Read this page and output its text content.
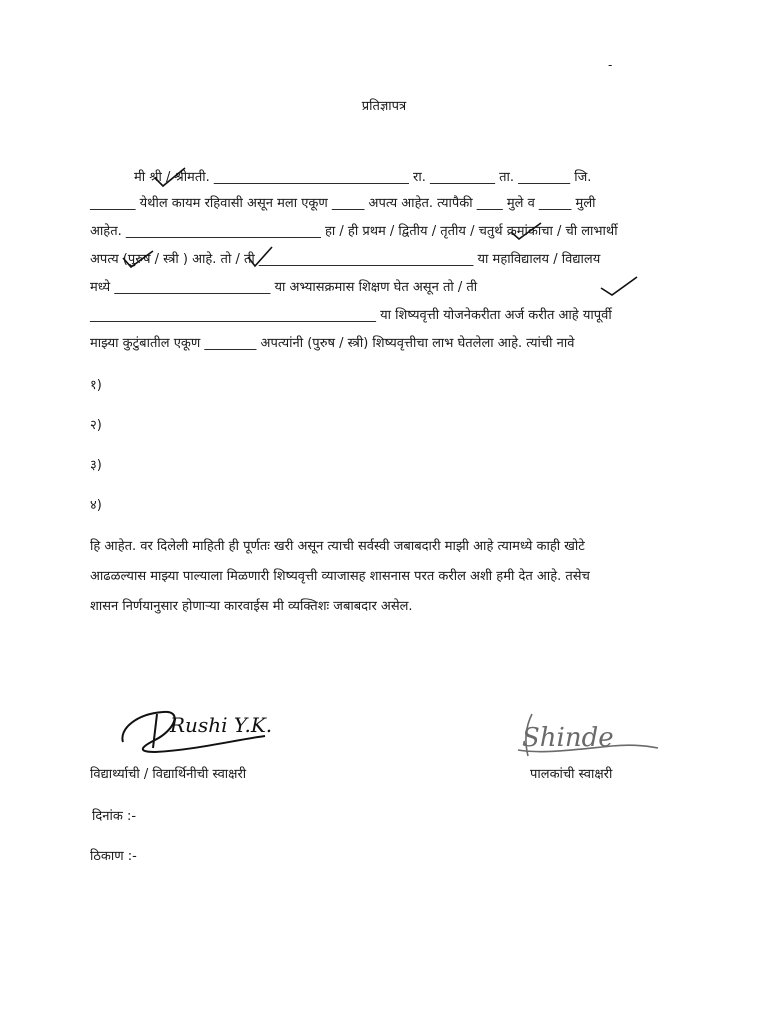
-
प्रतिज्ञापत्र
मी श्री / श्रीमती. ______________________________ रा. __________ ता. ________ जि.
_______ येथील कायम रहिवासी असून मला एकूण _____ अपत्य आहेत. त्यापैकी ____ मुले व _____ मुली
आहेत. ______________________________ हा / ही प्रथम / द्वितीय / तृतीय / चतुर्थ क्रमांकाचा / ची लाभार्थी
अपत्य (पुरुष / स्त्री ) आहे. तो / ती _________________________________ या महाविद्यालय / विद्यालय
मध्ये ________________________ या अभ्यासक्रमास शिक्षण घेत असून तो / ती
____________________________________________ या शिष्यवृत्ती योजनेकरीता अर्ज करीत आहे यापूर्वी
माझ्या कुटुंबातील एकूण ________ अपत्यांनी (पुरुष / स्त्री) शिष्यवृत्तीचा लाभ घेतलेला आहे. त्यांची नावे
१)
२)
३)
४)
हि आहेत. वर दिलेली माहिती ही पूर्णतः खरी असून त्याची सर्वस्वी जबाबदारी माझी आहे त्यामध्ये काही खोटे
आढळल्यास माझ्या पाल्याला मिळणारी शिष्यवृत्ती व्याजासह शासनास परत करील अशी हमी देत आहे. तसेच
शासन निर्णयानुसार होणाऱ्या कारवाईस मी व्यक्तिशः जबाबदार असेल.
Rushi Y.K.	Shinde
विद्यार्थ्याची / विद्यार्थिनीची स्वाक्षरी	पालकांची स्वाक्षरी
दिनांक :-
ठिकाण :-
